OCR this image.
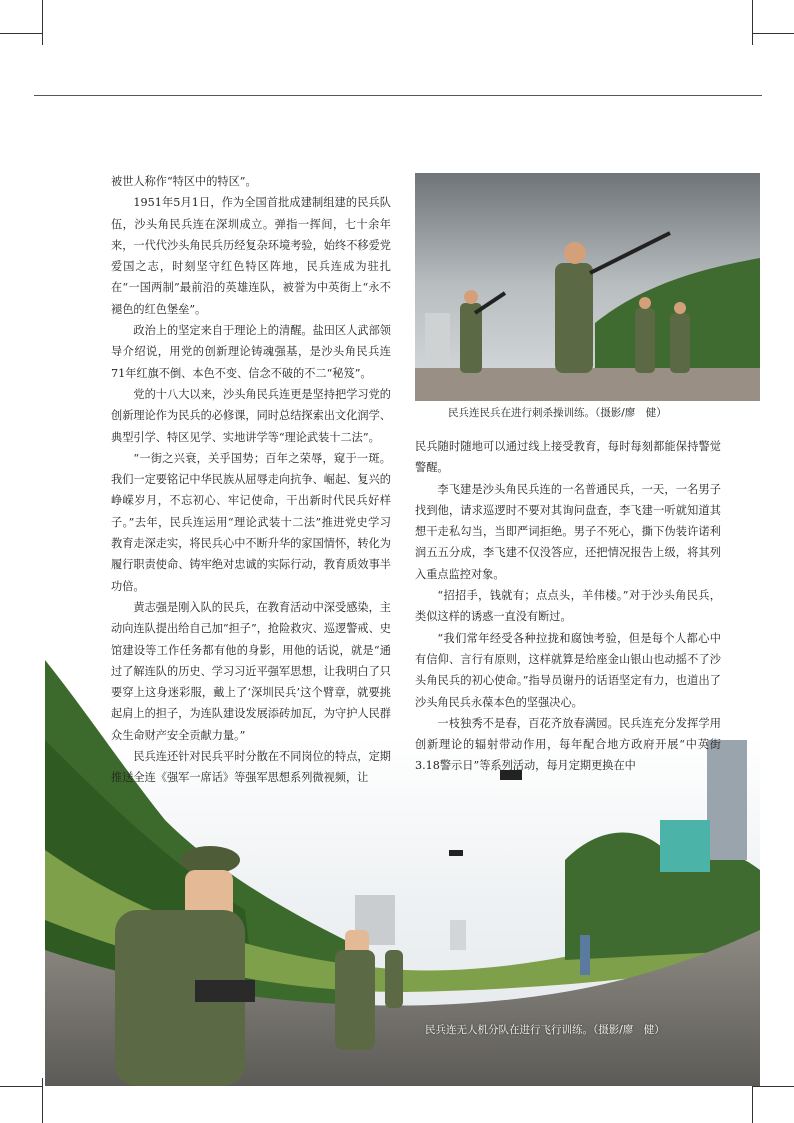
民兵连民兵在进行刺杀操训练。（摄影/廖　健）
民兵连无人机分队在进行飞行训练。（摄影/廖　健）

被世人称作“特区中的特区”。

1951年5月1日，作为全国首批成建制组建的民兵队伍，沙头角民兵连在深圳成立。弹指一挥间，七十余年来，一代代沙头角民兵历经复杂环境考验，始终不移爱党爱国之志，时刻坚守红色特区阵地，民兵连成为驻扎在“一国两制”最前沿的英雄连队，被誉为中英街上“永不褪色的红色堡垒”。

政治上的坚定来自于理论上的清醒。盐田区人武部领导介绍说，用党的创新理论铸魂强基，是沙头角民兵连71年红旗不倒、本色不变、信念不破的不二“秘笈”。

党的十八大以来，沙头角民兵连更是坚持把学习党的创新理论作为民兵的必修课，同时总结探索出文化润学、典型引学、特区见学、实地讲学等“理论武装十二法”。

“一街之兴衰，关乎国势；百年之荣辱，窥于一斑。我们一定要铭记中华民族从屈辱走向抗争、崛起、复兴的峥嵘岁月，不忘初心、牢记使命，干出新时代民兵好样子。”去年，民兵连运用“理论武装十二法”推进党史学习教育走深走实，将民兵心中不断升华的家国情怀，转化为履行职责使命、铸牢绝对忠诚的实际行动，教育质效事半功倍。

黄志强是刚入队的民兵，在教育活动中深受感染，主动向连队提出给自己加“担子”，抢险救灾、巡逻警戒、史馆建设等工作任务都有他的身影，用他的话说，就是“通过了解连队的历史、学习习近平强军思想，让我明白了只要穿上这身迷彩服，戴上了‘深圳民兵’这个臂章，就要挑起肩上的担子，为连队建设发展添砖加瓦，为守护人民群众生命财产安全贡献力量。”

民兵连还针对民兵平时分散在不同岗位的特点，定期推送全连《强军一席话》等强军思想系列微视频，让

民兵随时随地可以通过线上接受教育，每时每刻都能保持警觉警醒。

李飞建是沙头角民兵连的一名普通民兵，一天，一名男子找到他，请求巡逻时不要对其询问盘查，李飞建一听就知道其想干走私勾当，当即严词拒绝。男子不死心，撕下伪装许诺利润五五分成，李飞建不仅没答应，还把情况报告上级，将其列入重点监控对象。

“招招手，钱就有；点点头，羊伟楼。”对于沙头角民兵，类似这样的诱惑一直没有断过。

“我们常年经受各种拉拢和腐蚀考验，但是每个人都心中有信仰、言行有原则，这样就算是给座金山银山也动摇不了沙头角民兵的初心使命。”指导员谢丹的话语坚定有力，也道出了沙头角民兵永葆本色的坚强决心。

一枝独秀不是春，百花齐放春满园。民兵连充分发挥学用创新理论的辐射带动作用，每年配合地方政府开展“中英街3.18警示日”等系列活动，每月定期更换在中
